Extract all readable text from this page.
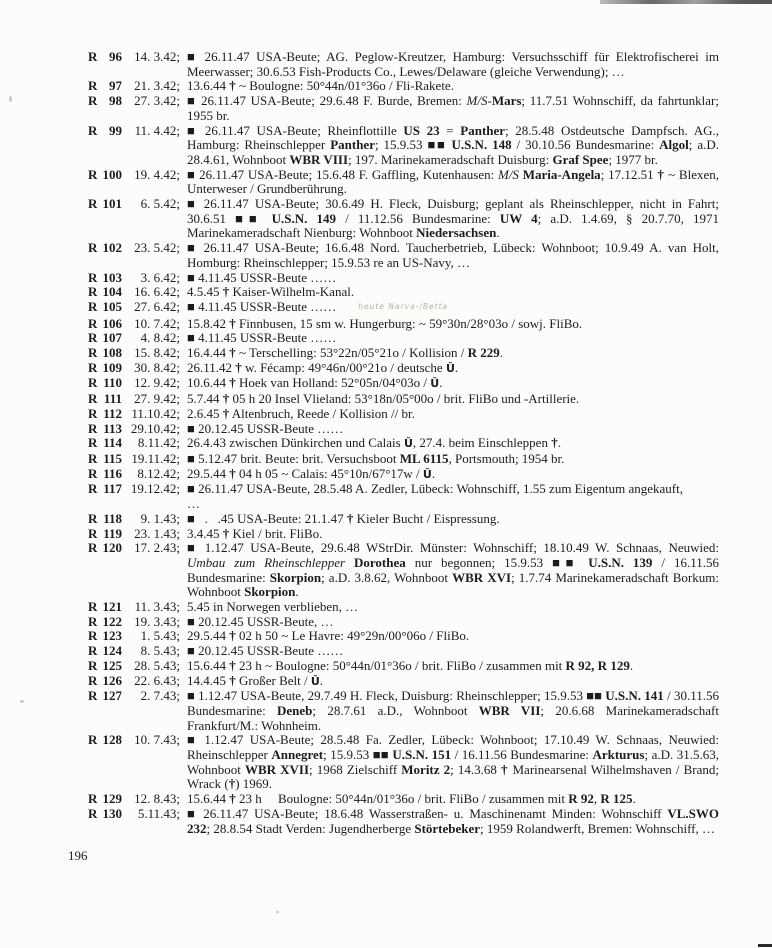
R 96 14. 3.42; ■ 26.11.47 USA-Beute; AG. Peglow-Kreutzer, Hamburg: Versuchsschiff für Elektrofischerei im Meerwasser; 30.6.53 Fish-Products Co., Lewes/Delaware (gleiche Verwendung); …
R 97 21. 3.42; 13.6.44 † ~ Boulogne: 50°44n/01°36o / Fli-Rakete.
R 98 27. 3.42; ■ 26.11.47 USA-Beute; 29.6.48 F. Burde, Bremen: M/S-Mars; 11.7.51 Wohnschiff, da fahrtunklar; 1955 br.
R 99 11. 4.42; ■ 26.11.47 USA-Beute; Rheinflottille US 23 = Panther; 28.5.48 Ostdeutsche Dampfsch. AG., Hamburg: Rheinschlepper Panther; 15.9.53 ■■ U.S.N. 148 / 30.10.56 Bundesmarine: Algol; a.D. 28.4.61, Wohnboot WBR VIII; 197. Marinekameradschaft Duisburg: Graf Spee; 1977 br.
R 100 19. 4.42; ■ 26.11.47 USA-Beute; 15.6.48 F. Gaffling, Kutenhausen: M/S Maria-Angela; 17.12.51 † ~ Blexen, Unterweser / Grundberührung.
R 101	6. 5.42; ■ 26.11.47 USA-Beute; 30.6.49 H. Fleck, Duisburg; geplant als Rheinschlepper, nicht in Fahrt; 30.6.51 ■■ U.S.N. 149 / 11.12.56 Bundesmarine: UW 4; a.D. 1.4.69, § 20.7.70, 1971 Marinekameradschaft Nienburg: Wohnboot Niedersachsen.
R 102 23. 5.42; ■ 26.11.47 USA-Beute; 16.6.48 Nord. Taucherbetrieb, Lübeck: Wohnboot; 10.9.49 A. van Holt, Homburg: Rheinschlepper; 15.9.53 re an US-Navy, …
R 103	3. 6.42; ■ 4.11.45 USSR-Beute ……
R 104 16. 6.42; 4.5.45 † Kaiser-Wilhelm-Kanal.
R 105 27. 6.42; ■ 4.11.45 USSR-Beute ……	heute Narva-/Betta
R 106 10. 7.42; 15.8.42 † Finnbusen, 15 sm w. Hungerburg: ~ 59°30n/28°03o / sowj. FliBo.
R 107	4. 8.42; ■ 4.11.45 USSR-Beute ……
R 108 15. 8.42; 16.4.44 † ~ Terschelling: 53°22n/05°21o / Kollision / R 229.
R 109 30. 8.42; 26.11.42 † w. Fécamp: 49°46n/00°21o / deutsche Ŭ.
R 110 12. 9.42; 10.6.44 † Hoek van Holland: 52°05n/04°03o / Ŭ.
R 111 27. 9.42; 5.7.44 † 05 h 20 Insel Vlieland: 53°18n/05°00o / brit. FliBo und -Artillerie.
R 112 11.10.42; 2.6.45 † Altenbruch, Reede / Kollision // br.
R 113 29.10.42; ■ 20.12.45 USSR-Beute ……
R 114	8.11.42; 26.4.43 zwischen Dünkirchen und Calais Ŭ, 27.4. beim Einschleppen †.
R 115 19.11.42; ■ 5.12.47 brit. Beute: brit. Versuchsboot ML 6115, Portsmouth; 1954 br.
R 116	8.12.42; 29.5.44 † 04 h 05 ~ Calais: 45°10n/67°17w / Ŭ.
R 117 19.12.42; ■ 26.11.47 USA-Beute, 28.5.48 A. Zedler, Lübeck: Wohnschiff, 1.55 zum Eigentum angekauft,
…
R 118	9. 1.43; ■   .   .45 USA-Beute: 21.1.47 † Kieler Bucht / Eispressung.
R 119 23. 1.43; 3.4.45 † Kiel / brit. FliBo.
R 120 17. 2.43; ■ 1.12.47 USA-Beute, 29.6.48 WStrDir. Münster: Wohnschiff; 18.10.49 W. Schnaas, Neuwied: Umbau zum Rheinschlepper Dorothea nur begonnen; 15.9.53 ■■ U.S.N. 139 / 16.11.56 Bundesmarine: Skorpion; a.D. 3.8.62, Wohnboot WBR XVI; 1.7.74 Marinekameradschaft Borkum: Wohnboot Skorpion.
R 121 11. 3.43; 5.45 in Norwegen verblieben, …
R 122 19. 3.43; ■ 20.12.45 USSR-Beute, …
R 123	1. 5.43; 29.5.44 † 02 h 50 ~ Le Havre: 49°29n/00°06o / FliBo.
R 124	8. 5.43; ■ 20.12.45 USSR-Beute ……
R 125 28. 5.43; 15.6.44 † 23 h ~ Boulogne: 50°44n/01°36o / brit. FliBo / zusammen mit R 92, R 129.
R 126 22. 6.43; 14.4.45 † Großer Belt / Ŭ.
R 127	2. 7.43; ■ 1.12.47 USA-Beute, 29.7.49 H. Fleck, Duisburg: Rheinschlepper; 15.9.53 ■■ U.S.N. 141 / 30.11.56 Bundesmarine: Deneb; 28.7.61 a.D., Wohnboot WBR VII; 20.6.68 Marinekameradschaft Frankfurt/M.: Wohnheim.
R 128 10. 7.43; ■ 1.12.47 USA-Beute; 28.5.48 Fa. Zedler, Lübeck: Wohnboot; 17.10.49 W. Schnaas, Neuwied: Rheinschlepper Annegret; 15.9.53 ■■ U.S.N. 151 / 16.11.56 Bundesmarine: Arkturus; a.D. 31.5.63, Wohnboot WBR XVII; 1968 Zielschiff Moritz 2; 14.3.68 † Marinearsenal Wilhelmshaven / Brand; Wrack (†) 1969.
R 129 12. 8.43; 15.6.44 † 23 h     Boulogne: 50°44n/01°36o / brit. FliBo / zusammen mit R 92, R 125.
R 130	5.11.43; ■ 26.11.47 USA-Beute; 18.6.48 Wasserstraßen- u. Maschinenamt Minden: Wohnschiff VL.SWO 232; 28.8.54 Stadt Verden: Jugendherberge Störtebeker; 1959 Rolandwerft, Bremen: Wohnschiff, …
196
